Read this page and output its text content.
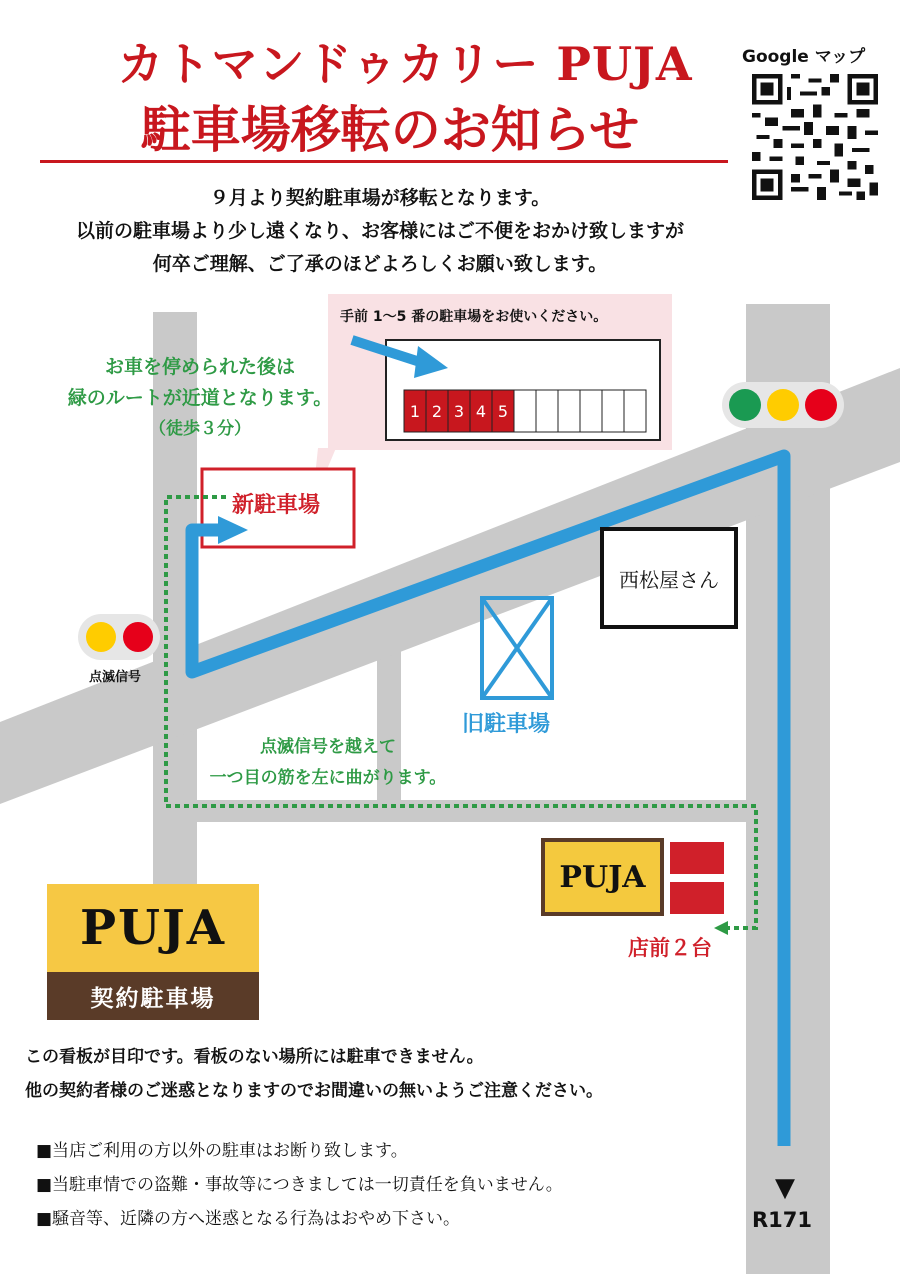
カトマンドゥカリー PUJA
駐車場移転のお知らせ
Google マップ
９月より契約駐車場が移転となります。
以前の駐車場より少し遠くなり、お客様にはご不便をおかけ致しますが
何卒ご理解、ご了承のほどよろしくお願い致します。
1 2 3 4 5
手前 1〜5 番の駐車場をお使いください。
お車を停められた後は
緑のルートが近道となります。
（徒歩３分）
新駐車場
旧駐車場
西松屋さん
点滅信号
点滅信号を越えて
一つ目の筋を左に曲がります。
PUJA
店前２台
▼
R171
PUJA
契約駐車場
この看板が目印です。看板のない場所には駐車できません。
他の契約者様のご迷惑となりますのでお間違いの無いようご注意ください。
■当店ご利用の方以外の駐車はお断り致します。
■当駐車情での盗難・事故等につきましては一切責任を負いません。
■騒音等、近隣の方へ迷惑となる行為はおやめ下さい。
